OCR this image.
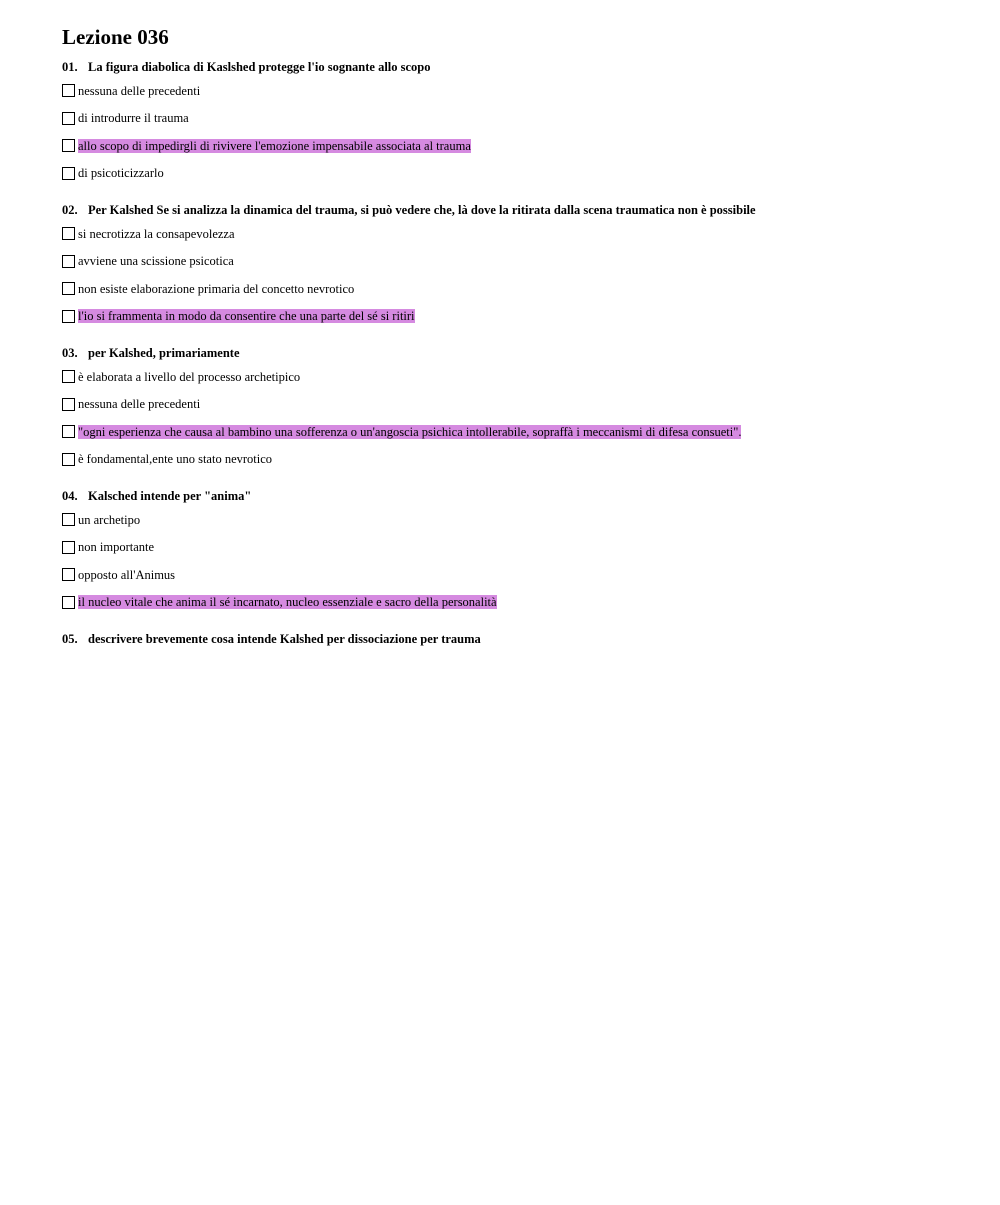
Lezione 036
01. La figura diabolica di Kaslshed protegge l'io sognante allo scopo
nessuna delle precedenti
di introdurre il trauma
allo scopo di impedirgli di rivivere l'emozione impensabile associata al trauma
di psicoticizzarlo
02. Per Kalshed Se si analizza la dinamica del trauma, si può vedere che, là dove la ritirata dalla scena traumatica non è possibile
si necrotizza la consapevolezza
avviene una scissione psicotica
non esiste elaborazione primaria del concetto nevrotico
l'io si frammenta in modo da consentire che una parte del sé si ritiri
03. per Kalshed, primariamente
è elaborata a livello del processo archetipico
nessuna delle precedenti
"ogni esperienza che causa al bambino una sofferenza o un'angoscia psichica intollerabile, sopraffà i meccanismi di difesa consueti".
è fondamental,ente uno stato nevrotico
04. Kalsched intende per "anima"
un archetipo
non importante
opposto all'Animus
il nucleo vitale che anima il sé incarnato, nucleo essenziale e sacro della personalità
05. descrivere brevemente cosa intende Kalshed per dissociazione per trauma
